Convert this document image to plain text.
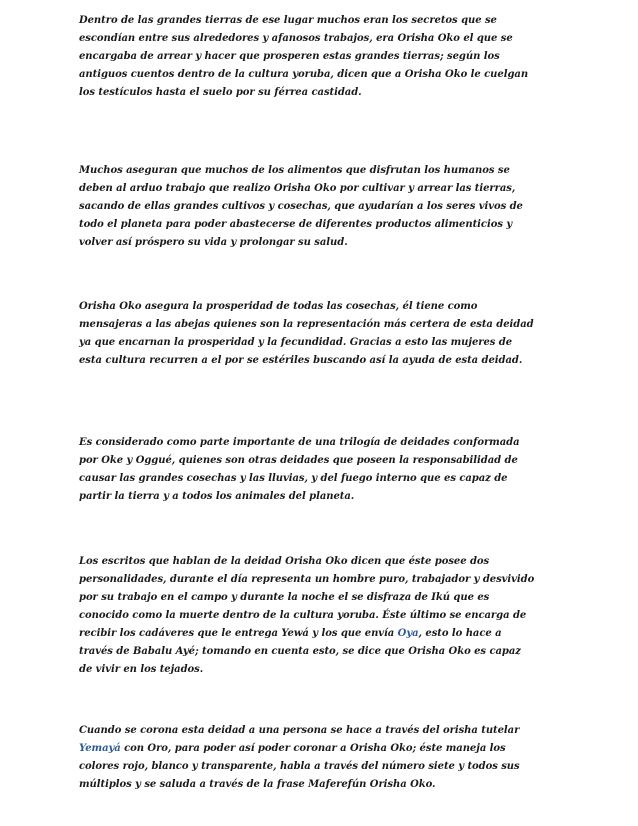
Dentro de las grandes tierras de ese lugar muchos eran los secretos que se escondían entre sus alrededores y afanosos trabajos, era Orisha Oko el que se encargaba de arrear y hacer que prosperen estas grandes tierras; según los antiguos cuentos dentro de la cultura yoruba, dicen que a Orisha Oko le cuelgan los testículos hasta el suelo por su férrea castidad.

Muchos aseguran que muchos de los alimentos que disfrutan los humanos se deben al arduo trabajo que realizo Orisha Oko por cultivar y arrear las tierras, sacando de ellas grandes cultivos y cosechas, que ayudarían a los seres vivos de todo el planeta para poder abastecerse de diferentes productos alimenticios y volver así próspero su vida y prolongar su salud.

Orisha Oko asegura la prosperidad de todas las cosechas, él tiene como mensajeras a las abejas quienes son la representación más certera de esta deidad ya que encarnan la prosperidad y la fecundidad. Gracias a esto las mujeres de esta cultura recurren a el por se estériles buscando así la ayuda de esta deidad.

Es considerado como parte importante de una trilogía de deidades conformada por Oke y Oggué, quienes son otras deidades que poseen la responsabilidad de causar las grandes cosechas y las lluvias, y del fuego interno que es capaz de partir la tierra y a todos los animales del planeta.

Los escritos que hablan de la deidad Orisha Oko dicen que éste posee dos personalidades, durante el día representa un hombre puro, trabajador y desvivido por su trabajo en el campo y durante la noche el se disfraza de Ikú que es conocido como la muerte dentro de la cultura yoruba. Éste último se encarga de recibir los cadáveres que le entrega Yewá y los que envía Oya, esto lo hace a través de Babalu Ayé; tomando en cuenta esto, se dice que Orisha Oko es capaz de vivir en los tejados.

Cuando se corona esta deidad a una persona se hace a través del orisha tutelar Yemayá con Oro, para poder así poder coronar a Orisha Oko; éste maneja los colores rojo, blanco y transparente, habla a través del número siete y todos sus múltiplos y se saluda a través de la frase Maferefún Orisha Oko.
